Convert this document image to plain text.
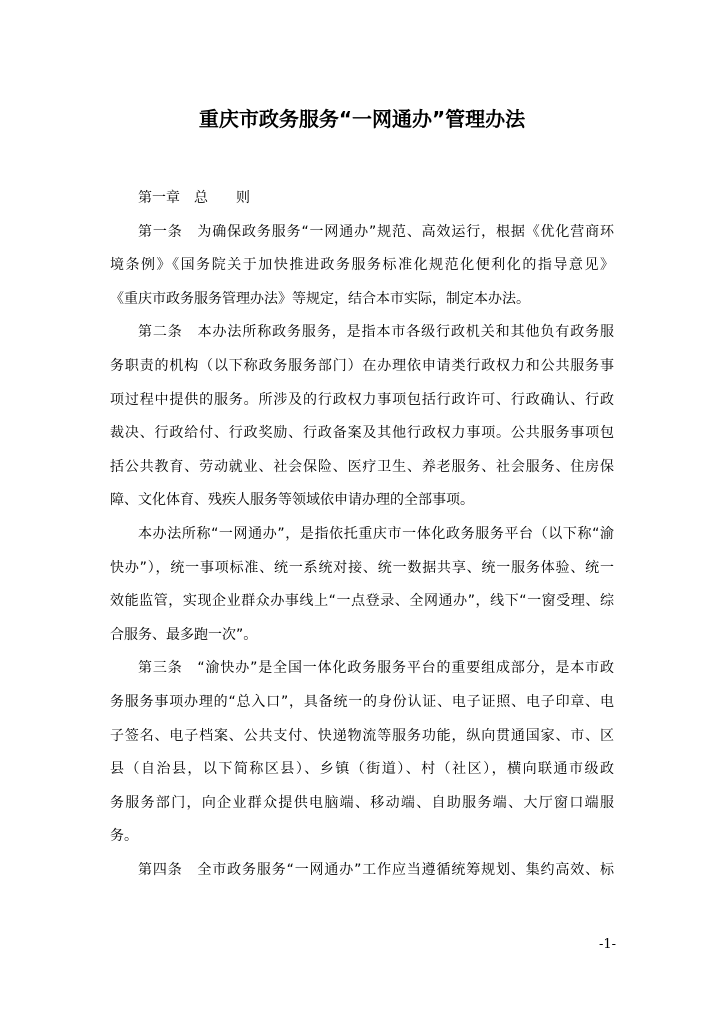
重庆市政务服务“一网通办”管理办法
第一章　总　　则
第一条　为确保政务服务“一网通办”规范、高效运行，根据《优化营商环
境条例》《国务院关于加快推进政务服务标准化规范化便利化的指导意见》
《重庆市政务服务管理办法》等规定，结合本市实际，制定本办法。
第二条　本办法所称政务服务，是指本市各级行政机关和其他负有政务服
务职责的机构（以下称政务服务部门）在办理依申请类行政权力和公共服务事
项过程中提供的服务。所涉及的行政权力事项包括行政许可、行政确认、行政
裁决、行政给付、行政奖励、行政备案及其他行政权力事项。公共服务事项包
括公共教育、劳动就业、社会保险、医疗卫生、养老服务、社会服务、住房保
障、文化体育、残疾人服务等领域依申请办理的全部事项。
本办法所称“一网通办”，是指依托重庆市一体化政务服务平台（以下称“渝
快办”），统一事项标准、统一系统对接、统一数据共享、统一服务体验、统一
效能监管，实现企业群众办事线上“一点登录、全网通办”，线下“一窗受理、综
合服务、最多跑一次”。
第三条　“渝快办”是全国一体化政务服务平台的重要组成部分，是本市政
务服务事项办理的“总入口”，具备统一的身份认证、电子证照、电子印章、电
子签名、电子档案、公共支付、快递物流等服务功能，纵向贯通国家、市、区
县（自治县，以下简称区县）、乡镇（街道）、村（社区），横向联通市级政
务服务部门，向企业群众提供电脑端、移动端、自助服务端、大厅窗口端服
务。
第四条　全市政务服务“一网通办”工作应当遵循统筹规划、集约高效、标
-1-
